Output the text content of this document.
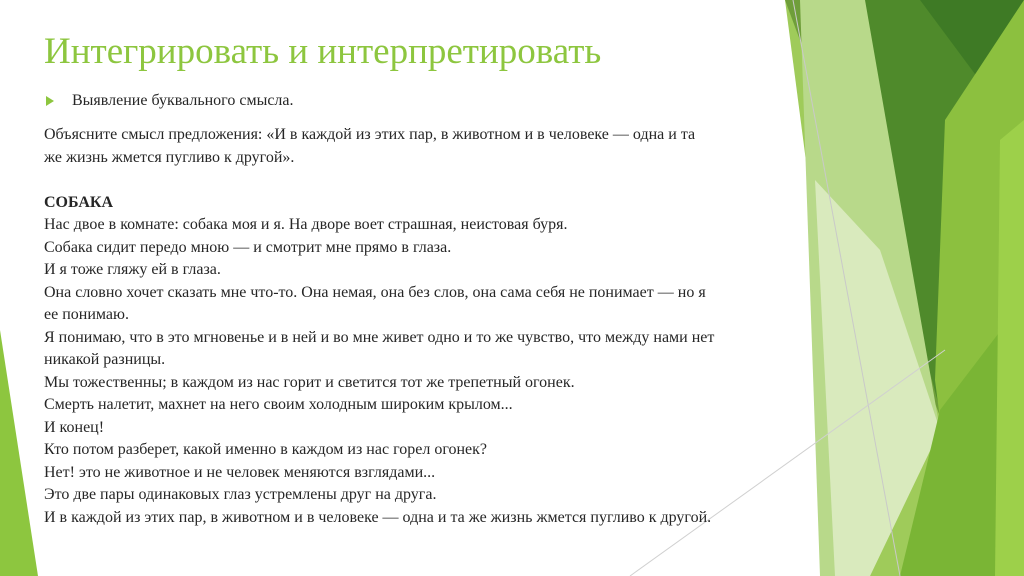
Интегрировать и интерпретировать
Выявление буквального смысла.

Объясните смысл предложения: «И в каждой из этих пар, в животном и в человеке — одна и та

же жизнь жмется пугливо к другой».

СОБАКА

Нас двое в комнате: собака моя и я. На дворе воет страшная, неистовая буря.

Собака сидит передо мною — и смотрит мне прямо в глаза.

И я тоже гляжу ей в глаза.

Она словно хочет сказать мне что-то. Она немая, она без слов, она сама себя не понимает — но я

ее понимаю.

Я понимаю, что в это мгновенье и в ней и во мне живет одно и то же чувство, что между нами нет

никакой разницы.

Мы тожественны; в каждом из нас горит и светится тот же трепетный огонек.

Смерть налетит, махнет на него своим холодным широким крылом...

И конец!

Кто потом разберет, какой именно в каждом из нас горел огонек?

Нет! это не животное и не человек меняются взглядами...

Это две пары одинаковых глаз устремлены друг на друга.

И в каждой из этих пар, в животном и в человеке — одна и та же жизнь жмется пугливо к другой.
